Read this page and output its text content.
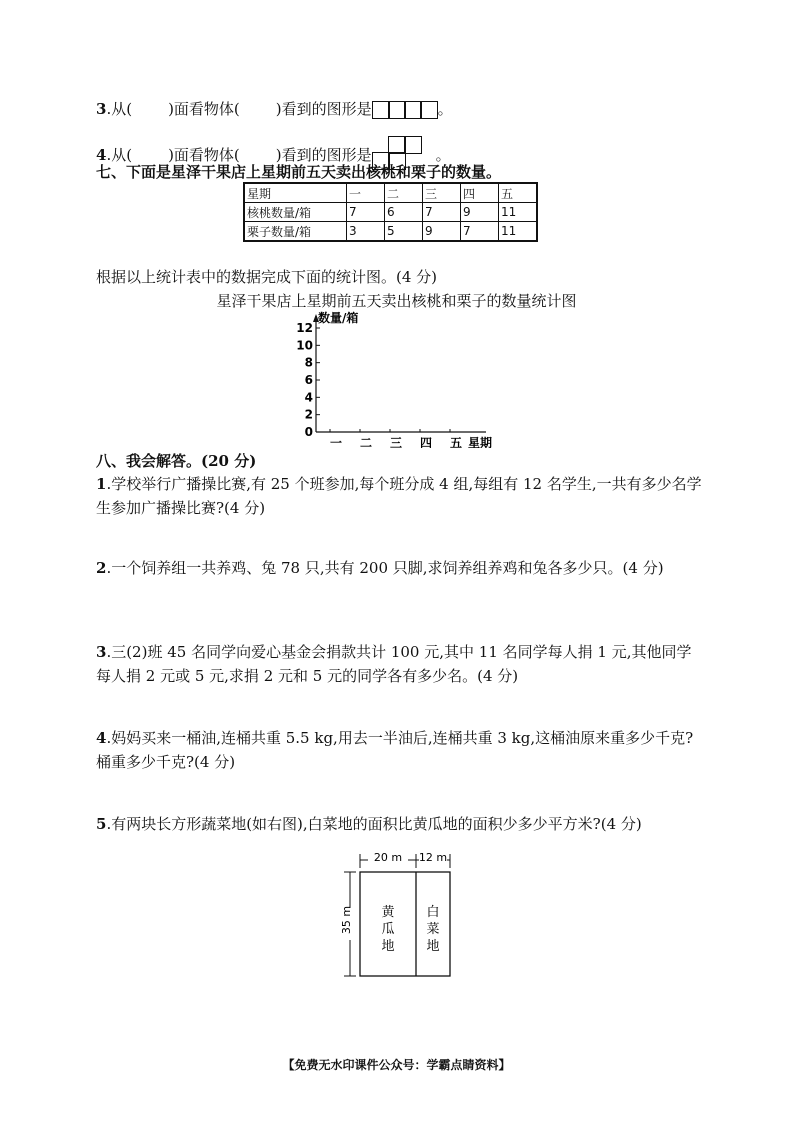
3.从( )面看物体( )看到的图形是	。
4.从( )面看物体( )看到的图形是	。
七、下面是星泽干果店上星期前五天卖出核桃和栗子的数量。
星期	一	二	三	四	五
核桃数量/箱	7	6	7	9	11
栗子数量/箱	3	5	9	7	11
根据以上统计表中的数据完成下面的统计图。(4 分)
星泽干果店上星期前五天卖出核桃和栗子的数量统计图
数量/箱
0
2
4
6
8
10
12
一 二 三 四 五 星期
八、我会解答。(20 分)
1.学校举行广播操比赛,有 25 个班参加,每个班分成 4 组,每组有 12 名学生,一共有多少名学生参加广播操比赛?(4 分)
2.一个饲养组一共养鸡、兔 78 只,共有 200 只脚,求饲养组养鸡和兔各多少只。(4 分)
3.三(2)班 45 名同学向爱心基金会捐款共计 100 元,其中 11 名同学每人捐 1 元,其他同学每人捐 2 元或 5 元,求捐 2 元和 5 元的同学各有多少名。(4 分)
4.妈妈买来一桶油,连桶共重 5.5 kg,用去一半油后,连桶共重 3 kg,这桶油原来重多少千克?桶重多少千克?(4 分)
5.有两块长方形蔬菜地(如右图),白菜地的面积比黄瓜地的面积少多少平方米?(4 分)
20 m 12 m
35 m 黄
瓜
地
白
菜
地
【免费无水印课件公众号：学霸点睛资料】
